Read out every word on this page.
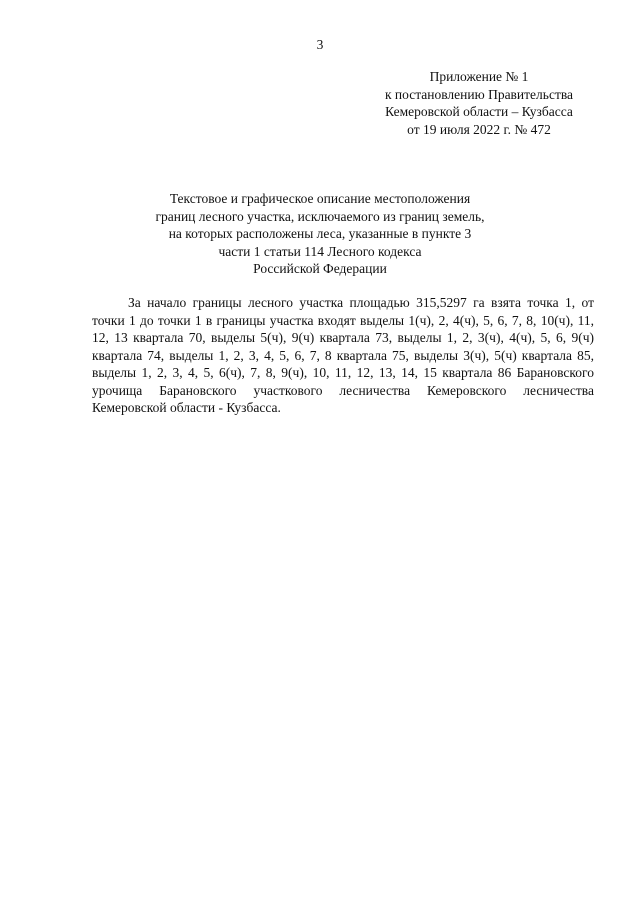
3
Приложение № 1
к постановлению Правительства
Кемеровской области – Кузбасса
от 19 июля 2022 г. № 472
Текстовое и графическое описание местоположения
границ лесного участка, исключаемого из границ земель,
на которых расположены леса, указанные в пункте 3
части 1 статьи 114 Лесного кодекса
Российской Федерации

За начало границы лесного участка площадью 315,5297 га взята точка 1, от точки 1 до точки 1 в границы участка входят выделы 1(ч), 2, 4(ч), 5, 6, 7, 8, 10(ч), 11, 12, 13 квартала 70, выделы 5(ч), 9(ч) квартала 73, выделы 1, 2, 3(ч), 4(ч), 5, 6, 9(ч) квартала 74, выделы 1, 2, 3, 4, 5, 6, 7, 8 квартала 75, выделы 3(ч), 5(ч) квартала 85, выделы 1, 2, 3, 4, 5, 6(ч), 7, 8, 9(ч), 10, 11, 12, 13, 14, 15 квартала 86 Барановского урочища Барановского участкового лесничества Кемеровского лесничества Кемеровской области - Кузбасса.
